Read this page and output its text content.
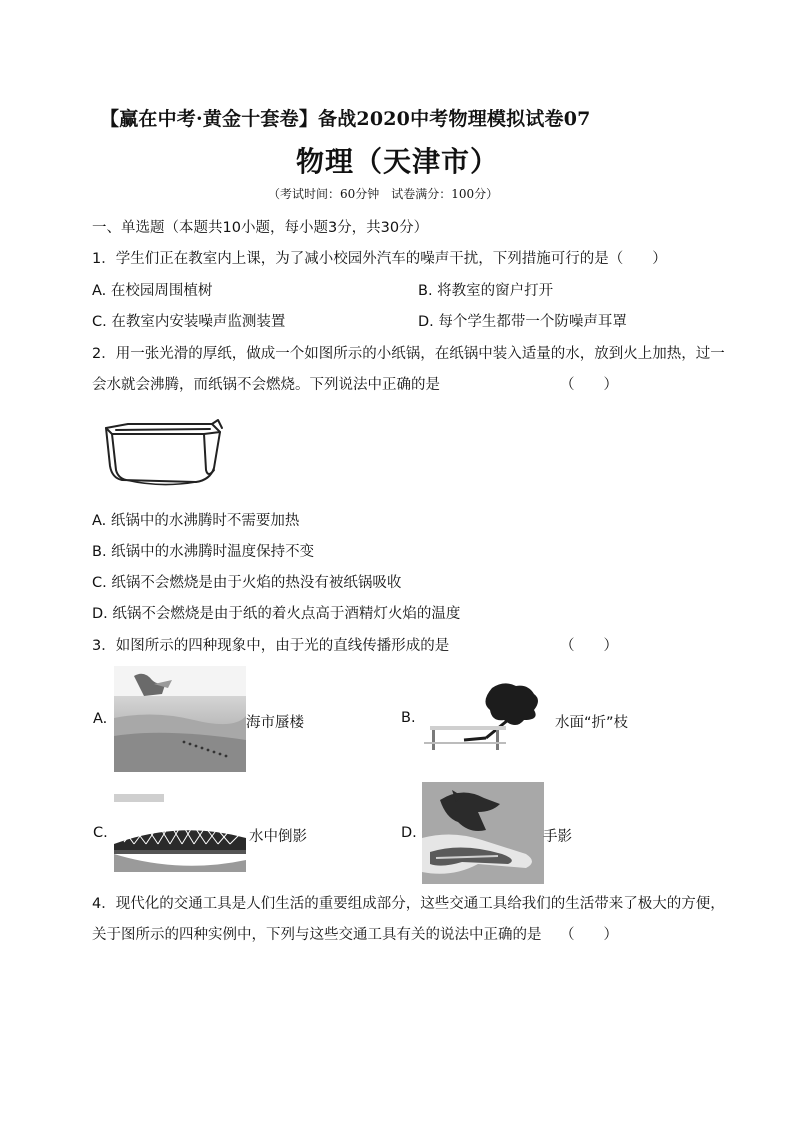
【赢在中考·黄金十套卷】备战2020中考物理模拟试卷07
物理（天津市）
（考试时间：60分钟　试卷满分：100分）
一、单选题（本题共10小题，每小题3分，共30分）
1．学生们正在教室内上课，为了减小校园外汽车的噪声干扰，下列措施可行的是（　　）
A. 在校园周围植树	B. 将教室的窗户打开
C. 在教室内安装噪声监测装置	D. 每个学生都带一个防噪声耳罩
2．用一张光滑的厚纸，做成一个如图所示的小纸锅，在纸锅中装入适量的水，放到火上加热，过一
会水就会沸腾，而纸锅不会燃烧。下列说法中正确的是	（　　）
A. 纸锅中的水沸腾时不需要加热
B. 纸锅中的水沸腾时温度保持不变
C. 纸锅不会燃烧是由于火焰的热没有被纸锅吸收
D. 纸锅不会燃烧是由于纸的着火点高于酒精灯火焰的温度
3．如图所示的四种现象中，由于光的直线传播形成的是	（　　）
A.	海市蜃楼	B.	水面“折”枝
C.	水中倒影	D.	手影
4．现代化的交通工具是人们生活的重要组成部分，这些交通工具给我们的生活带来了极大的方便，
关于图所示的四种实例中，下列与这些交通工具有关的说法中正确的是 （　　）
